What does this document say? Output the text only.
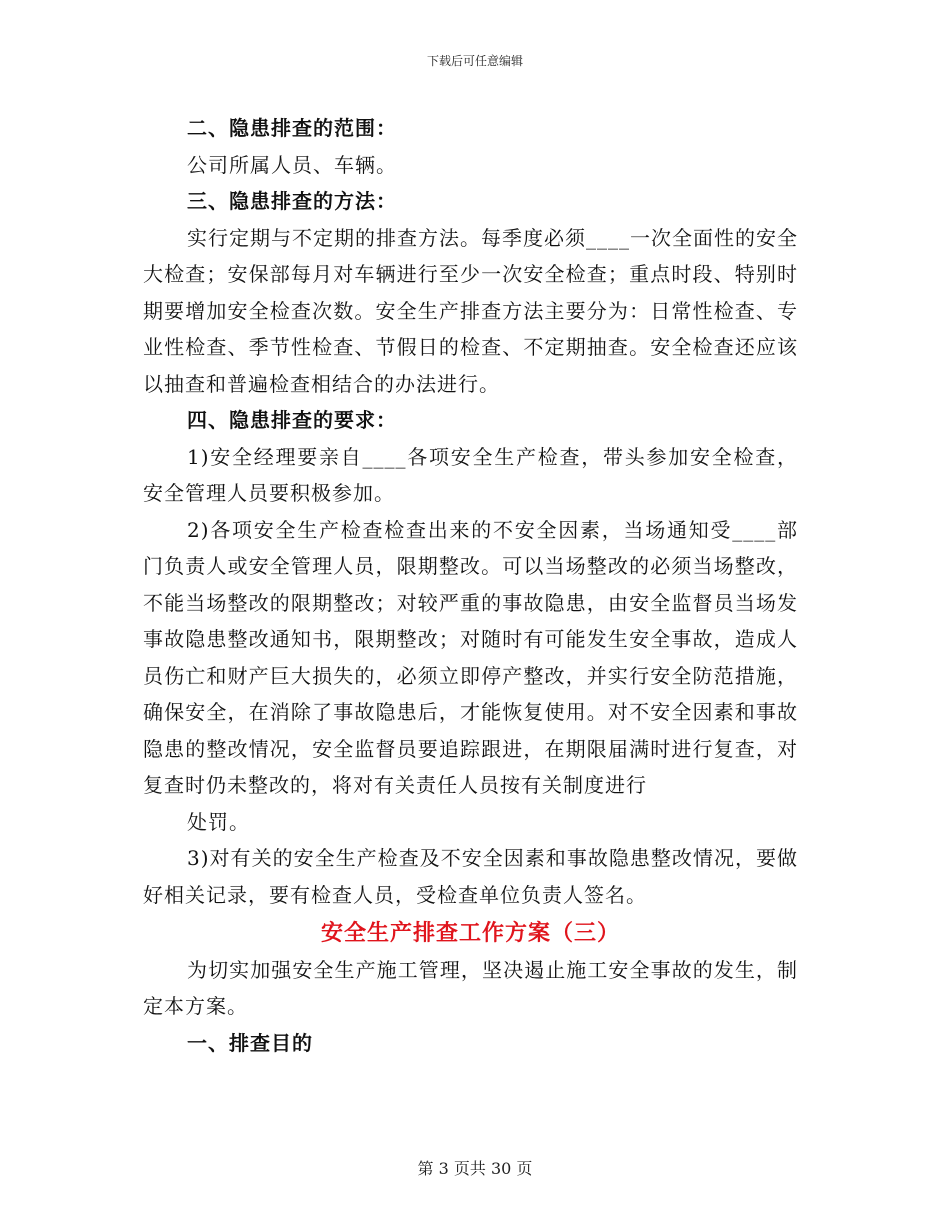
下载后可任意编辑

二、隐患排查的范围：

公司所属人员、车辆。

三、隐患排查的方法：

实行定期与不定期的排查方法。每季度必须____一次全面性的安全大检查；安保部每月对车辆进行至少一次安全检查；重点时段、特别时期要增加安全检查次数。安全生产排查方法主要分为：日常性检查、专业性检查、季节性检查、节假日的检查、不定期抽查。安全检查还应该以抽查和普遍检查相结合的办法进行。

四、隐患排查的要求：

1)安全经理要亲自____各项安全生产检查，带头参加安全检查，安全管理人员要积极参加。

2)各项安全生产检查检查出来的不安全因素，当场通知受____部门负责人或安全管理人员，限期整改。可以当场整改的必须当场整改，不能当场整改的限期整改；对较严重的事故隐患，由安全监督员当场发事故隐患整改通知书，限期整改；对随时有可能发生安全事故，造成人员伤亡和财产巨大损失的，必须立即停产整改，并实行安全防范措施，确保安全，在消除了事故隐患后，才能恢复使用。对不安全因素和事故隐患的整改情况，安全监督员要追踪跟进，在期限届满时进行复查，对复查时仍未整改的，将对有关责任人员按有关制度进行

处罚。

3)对有关的安全生产检查及不安全因素和事故隐患整改情况，要做好相关记录，要有检查人员，受检查单位负责人签名。

安全生产排查工作方案（三）

为切实加强安全生产施工管理，坚决遏止施工安全事故的发生，制定本方案。

一、排查目的

第 3 页共 30 页
